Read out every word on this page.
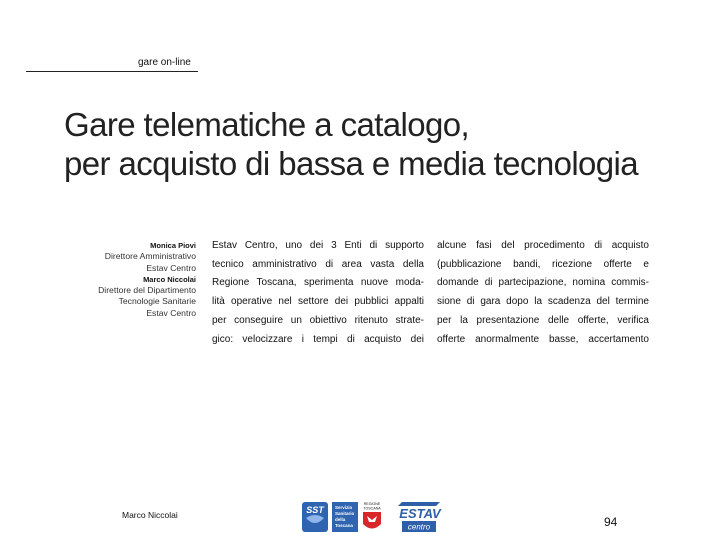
gare on-line
Gare telematiche a catalogo,
per acquisto di bassa e media tecnologia
Monica Piovi
Direttore Amministrativo
Estav Centro
Marco Niccolai
Direttore del Dipartimento
Tecnologie Sanitarie
Estav Centro
Estav Centro, uno dei 3 Enti di supporto
tecnico amministrativo di area vasta della
Regione Toscana, sperimenta nuove moda-
lità operative nel settore dei pubblici appalti
per conseguire un obiettivo ritenuto strate-
gico: velocizzare i tempi di acquisto dei
alcune fasi del procedimento di acquisto
(pubblicazione bandi, ricezione offerte e
domande di partecipazione, nomina commis-
sione di gara dopo la scadenza del termine
per la presentazione delle offerte, verifica
offerte anormalmente basse, accertamento
Marco Niccolai	SST	Servizio
Sanitario
della
Toscana
REGIONE
TOSCANA ESTAV
centro	94
